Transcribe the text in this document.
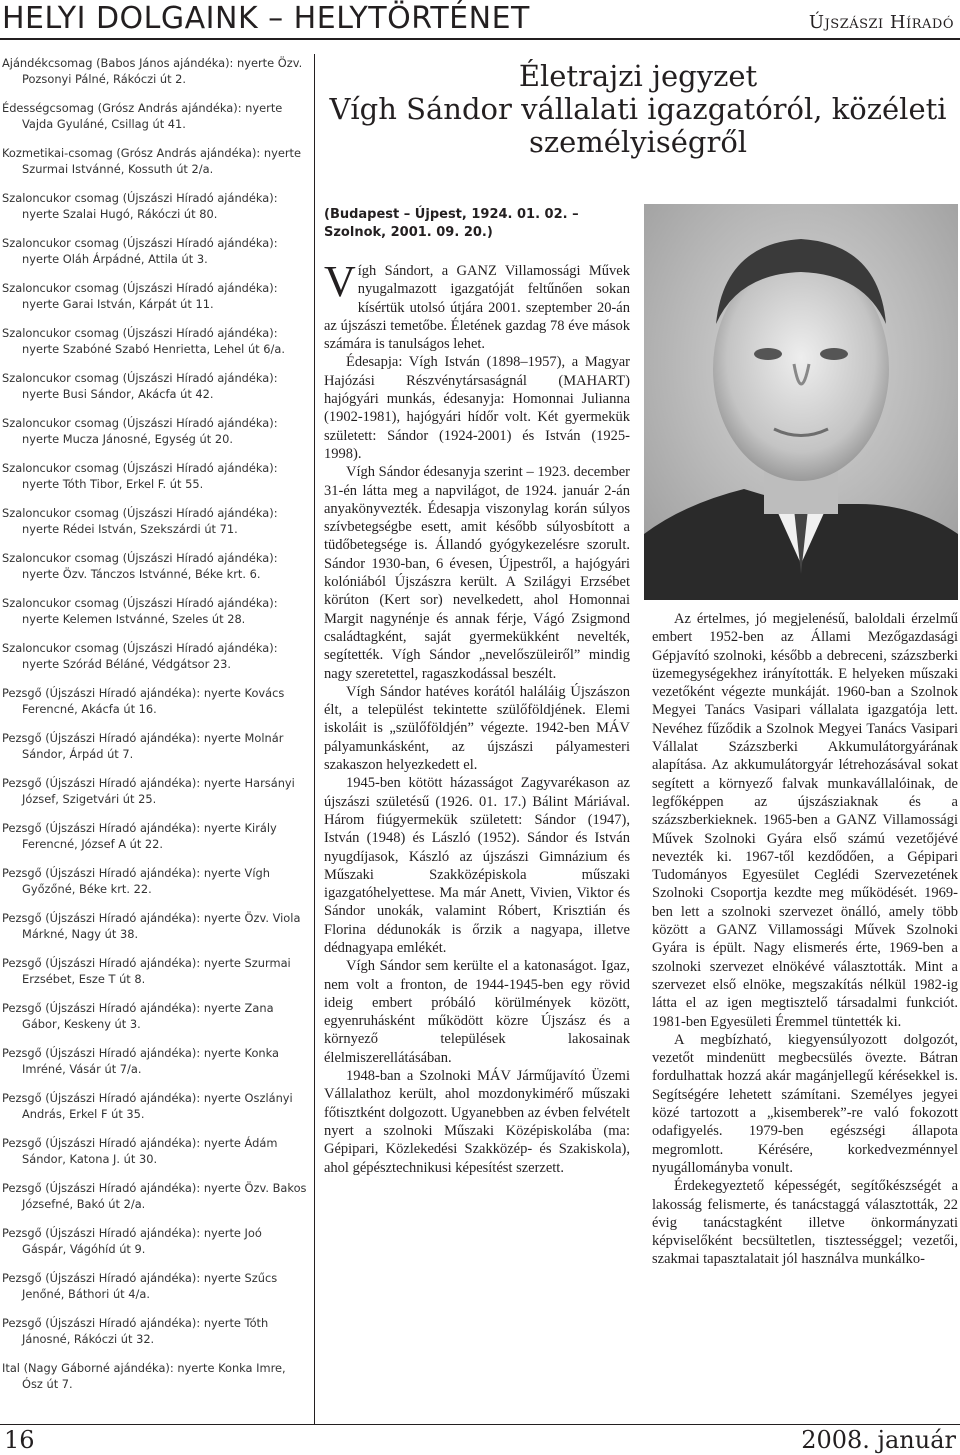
HELYI DOLGAINK – HELYTÖRTÉNET	Újszászi Híradó
Ajándékcsomag (Babos János ajándéka): nyerte Özv. Pozsonyi Pálné, Rákóczi út 2.
Édességcsomag (Grósz András ajándéka): nyerte Vajda Gyuláné, Csillag út 41.
Kozmetikai-csomag (Grósz András ajándéka): nyerte Szurmai Istvánné, Kossuth út 2/a.
Szaloncukor csomag (Újszászi Híradó ajándéka): nyerte Szalai Hugó, Rákóczi út 80.
Szaloncukor csomag (Újszászi Híradó ajándéka): nyerte Oláh Árpádné, Attila út 3.
Szaloncukor csomag (Újszászi Híradó ajándéka): nyerte Garai István, Kárpát út 11.
Szaloncukor csomag (Újszászi Híradó ajándéka): nyerte Szabóné Szabó Henrietta, Lehel út 6/a.
Szaloncukor csomag (Újszászi Híradó ajándéka): nyerte Busi Sándor, Akácfa út 42.
Szaloncukor csomag (Újszászi Híradó ajándéka): nyerte Mucza Jánosné, Egység út 20.
Szaloncukor csomag (Újszászi Híradó ajándéka): nyerte Tóth Tibor, Erkel F. út 55.
Szaloncukor csomag (Újszászi Híradó ajándéka): nyerte Rédei István, Szekszárdi út 71.
Szaloncukor csomag (Újszászi Híradó ajándéka): nyerte Özv. Tánczos Istvánné, Béke krt. 6.
Szaloncukor csomag (Újszászi Híradó ajándéka): nyerte Kelemen Istvánné, Szeles út 28.
Szaloncukor csomag (Újszászi Híradó ajándéka): nyerte Szórád Béláné, Védgátsor 23.
Pezsgő (Újszászi Híradó ajándéka): nyerte Kovács Ferencné, Akácfa út 16.
Pezsgő (Újszászi Híradó ajándéka): nyerte Molnár Sándor, Árpád út 7.
Pezsgő (Újszászi Híradó ajándéka): nyerte Harsányi József, Szigetvári út 25.
Pezsgő (Újszászi Híradó ajándéka): nyerte Király Ferencné, József A út 22.
Pezsgő (Újszászi Híradó ajándéka): nyerte Vígh Győzőné, Béke krt. 22.
Pezsgő (Újszászi Híradó ajándéka): nyerte Özv. Viola Márkné, Nagy út 38.
Pezsgő (Újszászi Híradó ajándéka): nyerte Szurmai Erzsébet, Esze T út 8.
Pezsgő (Újszászi Híradó ajándéka): nyerte Zana Gábor, Keskeny út 3.
Pezsgő (Újszászi Híradó ajándéka): nyerte Konka Imréné, Vásár út 7/a.
Pezsgő (Újszászi Híradó ajándéka): nyerte Oszlányi András, Erkel F út 35.
Pezsgő (Újszászi Híradó ajándéka): nyerte Ádám Sándor, Katona J. út 30.
Pezsgő (Újszászi Híradó ajándéka): nyerte Özv. Bakos Józsefné, Bakó út 2/a.
Pezsgő (Újszászi Híradó ajándéka): nyerte Joó Gáspár, Vágóhíd út 9.
Pezsgő (Újszászi Híradó ajándéka): nyerte Szűcs Jenőné, Báthori út 4/a.
Pezsgő (Újszászi Híradó ajándéka): nyerte Tóth Jánosné, Rákóczi út 32.
Ital (Nagy Gáborné ajándéka): nyerte Konka Imre, Ósz út 7.
Életrajzi jegyzet
Vígh Sándor vállalati igazgatóról, közéleti személyiségről
(Budapest – Újpest, 1924. 01. 02. – Szolnok, 2001. 09. 20.)

Vígh Sándort, a GANZ Villamossági Művek nyugalmazott igazgatóját feltűnően sokan kísértük utolsó útjára 2001. szeptember 20-án az újszászi temetőbe. Életének gazdag 78 éve mások számára is tanulságos lehet.

Édesapja: Vígh István (1898–1957), a Magyar Hajózási Részvénytársaságnál (MAHART) hajógyári munkás, édesanyja: Homonnai Julianna (1902-1981), hajógyári hídőr volt. Két gyermekük született: Sándor (1924-2001) és István (1925-1998).

Vígh Sándor édesanyja szerint – 1923. december 31-én látta meg a napvilágot, de 1924. január 2-án anyakönyvezték. Édesapja viszonylag korán súlyos szívbetegségbe esett, amit később súlyosbított a tüdőbetegsége is. Állandó gyógykezelésre szorult. Sándor 1930-ban, 6 évesen, Újpestről, a hajógyári kolóniából Újszászra került. A Szilágyi Erzsébet körúton (Kert sor) nevelkedett, ahol Homonnai Margit nagynénje és annak férje, Vágó Zsigmond családtagként, saját gyermekükként nevelték, segítették. Vígh Sándor „nevelőszüleiről” mindig nagy szeretettel, ragaszkodással beszélt.

Vígh Sándor hatéves korától haláláig Újszászon élt, a települést tekintette szülőföldjének. Elemi iskoláit is „szülőföldjén” végezte. 1942-ben MÁV pályamunkásként, az újszászi pályamesteri szakaszon helyezkedett el.

1945-ben kötött házasságot Zagyvarékason az újszászi születésű (1926. 01. 17.) Bálint Máriával. Három fiúgyermekük született: Sándor (1947), István (1948) és László (1952). Sándor és István nyugdíjasok, Kászló az újszászi Gimnázium és Műszaki Szakközépiskola műszaki igazgatóhelyettese. Ma már Anett, Vivien, Viktor és Sándor unokák, valamint Róbert, Krisztián és Florina dédunokák is őrzik a nagyapa, illetve dédnagyapa emlékét.

Vígh Sándor sem kerülte el a katonaságot. Igaz, nem volt a fronton, de 1944-1945-ben egy rövid ideig embert próbáló körülmények között, egyenruhásként működött közre Újszász és a környező települések lakosainak élelmiszerellátásában.

1948-ban a Szolnoki MÁV Járműjavító Üzemi Vállalathoz került, ahol mozdonykimérő műszaki főtisztként dolgozott. Ugyanebben az évben felvételt nyert a szolnoki Műszaki Középiskolába (ma: Gépipari, Közlekedési Szakközép- és Szakiskola), ahol gépésztechnikusi képesítést szerzett.

Az értelmes, jó megjelenésű, baloldali érzelmű embert 1952-ben az Állami Mezőgazdasági Gépjavító szolnoki, később a debreceni, százszberki üzemegységekhez irányították. E helyeken műszaki vezetőként végezte munkáját. 1960-ban a Szolnok Megyei Tanács Vasipari vállalata igazgatója lett. Nevéhez fűződik a Szolnok Megyei Tanács Vasipari Vállalat Százszberki Akkumulátorgyárának alapítása. Az akkumulátorgyár létrehozásával sokat segített a környező falvak munkavállalóinak, de legfőképpen az újszásziaknak és a százszberkieknek. 1965-ben a GANZ Villamossági Művek Szolnoki Gyára első számú vezetőjévé nevezték ki. 1967-től kezdődően, a Gépipari Tudományos Egyesület Ceglédi Szervezetének Szolnoki Csoportja kezdte meg működését. 1969-ben lett a szolnoki szervezet önálló, amely több között a GANZ Villamossági Művek Szolnoki Gyára is épült. Nagy elismerés érte, 1969-ben a szolnoki szervezet elnökévé választották. Mint a szervezet első elnöke, megszakítás nélkül 1982-ig látta el az igen megtisztelő társadalmi funkciót. 1981-ben Egyesületi Éremmel tüntették ki.

A megbízható, kiegyensúlyozott dolgozót, vezetőt mindenütt megbecsülés övezte. Bátran fordulhattak hozzá akár magánjellegű kérésekkel is. Segítségére lehetett számítani. Személyes jegyei közé tartozott a „kisemberek”-re való fokozott odafigyelés. 1979-ben egészségi állapota megromlott. Kérésére, korkedvezménnyel nyugállományba vonult.

Érdekegyeztető képességét, segítőkészségét a lakosság felismerte, és tanácstaggá választották, 22 évig tanácstagként illetve önkormányzati képviselőként becsültetlen, tisztességgel; vezetői, szakmai tapasztalatait jól használva munkálko-

16	2008. január
